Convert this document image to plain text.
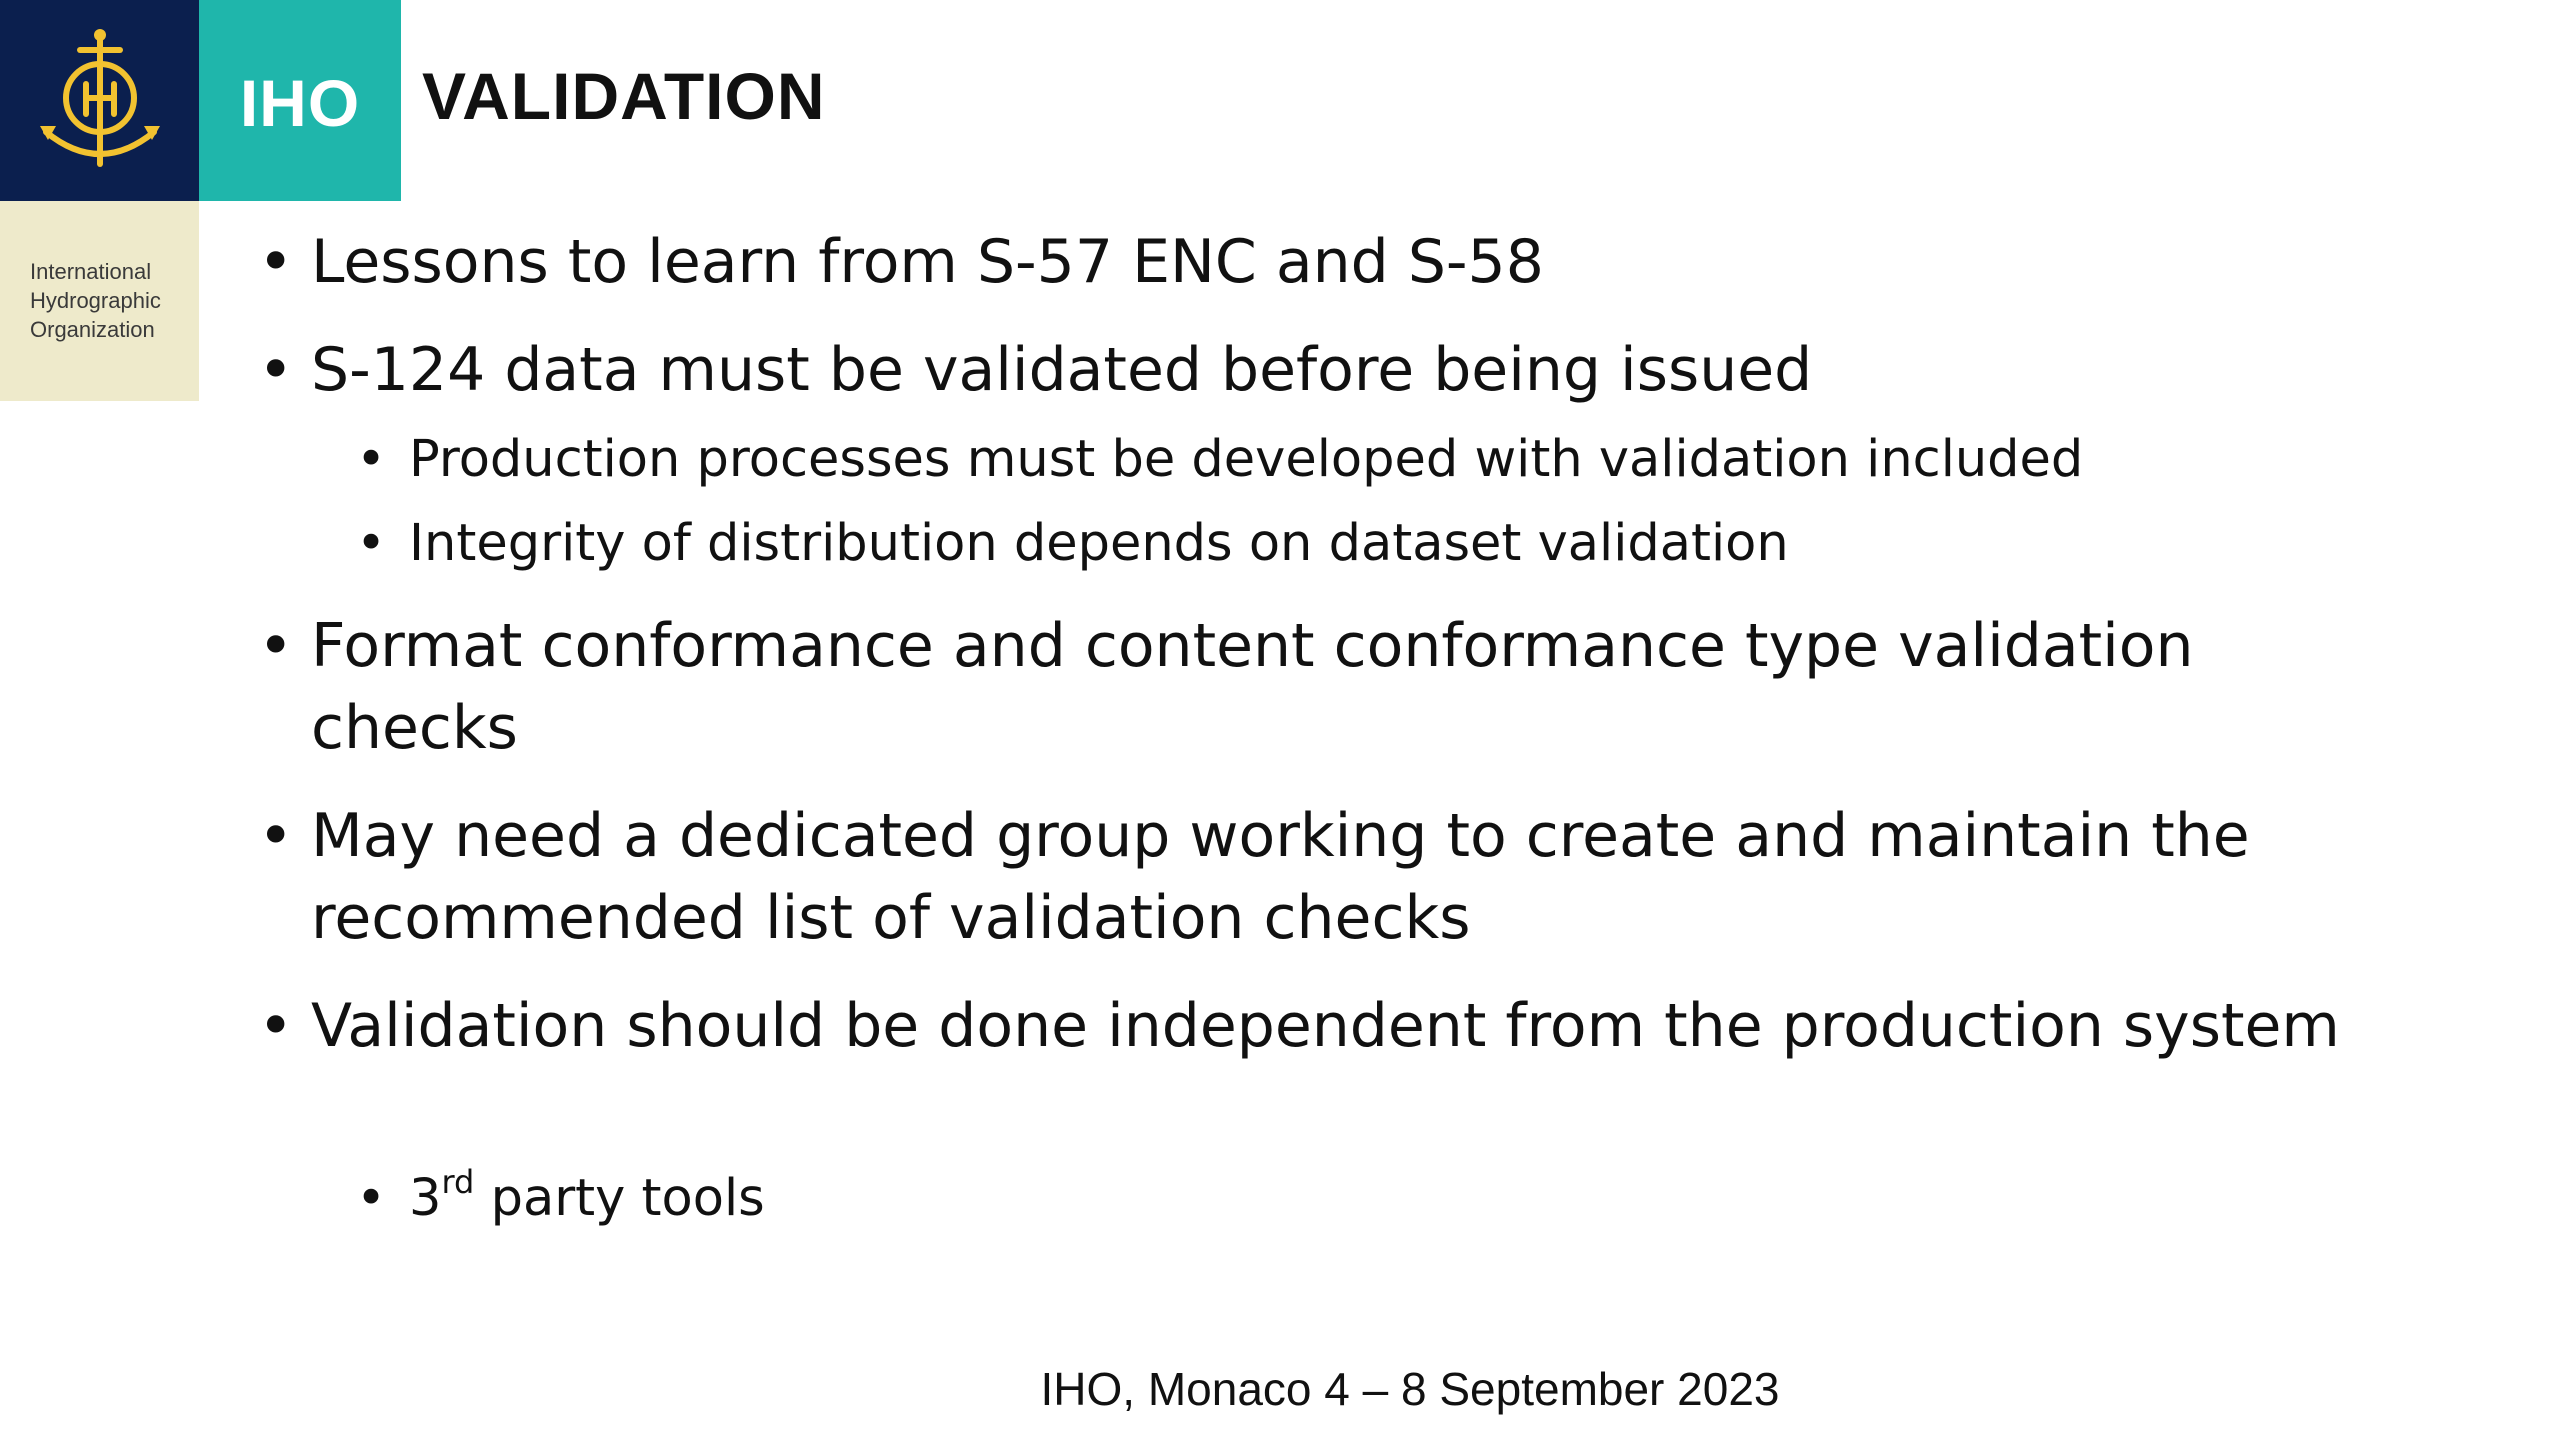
IHO
International
Hydrographic
Organization
VALIDATION
• Lessons to learn from S-57 ENC and S-58
• S-124 data must be validated before being issued
• Production processes must be developed with validation included
• Integrity of distribution depends on dataset validation
• Format conformance and content conformance type validation checks
• May need a dedicated group working to create and maintain the recommended list of validation checks
• Validation should be done independent from the production system
• 3rd party tools
IHO, Monaco 4 – 8 September 2023
